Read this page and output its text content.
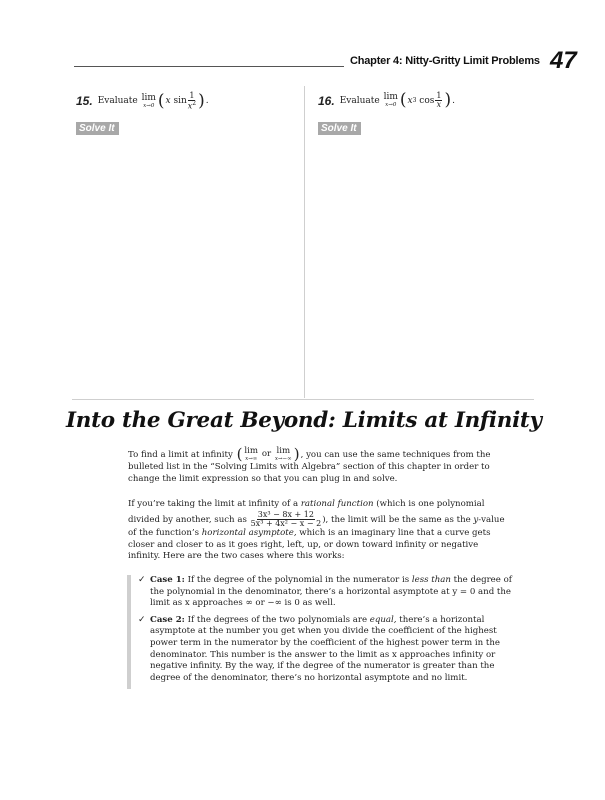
Chapter 4: Nitty-Gritty Limit Problems 47
15. Evaluate
lim
x→0 ( x
$\sin \frac{1}{x^2}$ ) .
Solve It
16. Evaluate
lim
x→0 ( x 3
$\cos \frac{1}{x}$ ) .
Solve It
Into the Great Beyond: Limits at Infinity
To find a limit at infinity ( lim
x→∞
or
lim
x→−∞ ) , you can use the same techniques from the bulleted list in the “Solving Limits with Algebra” section of this chapter in order to change the limit expression so that you can plug in and solve.
If you’re taking the limit at infinity of a rational function (which is one polynomial divided by another, such as $\frac{\text{3x³ − 8x + 12}}{\text{5x³ + 4x² − x − 2}}$ ), the limit will be the same as the y-value of the function’s horizontal asymptote, which is an imaginary line that a curve gets closer and closer to as it goes right, left, up, or down toward infinity or negative infinity. Here are the two cases where this works:
✓ Case 1: If the degree of the polynomial in the numerator is less than the degree of the polynomial in the denominator, there’s a horizontal asymptote at y = 0 and the limit as x approaches ∞ or −∞ is 0 as well.
✓ Case 2: If the degrees of the two polynomials are equal, there’s a horizontal asymptote at the number you get when you divide the coefficient of the highest power term in the numerator by the coefficient of the highest power term in the denominator. This number is the answer to the limit as x approaches infinity or negative infinity. By the way, if the degree of the numerator is greater than the degree of the denominator, there’s no horizontal asymptote and no limit.
